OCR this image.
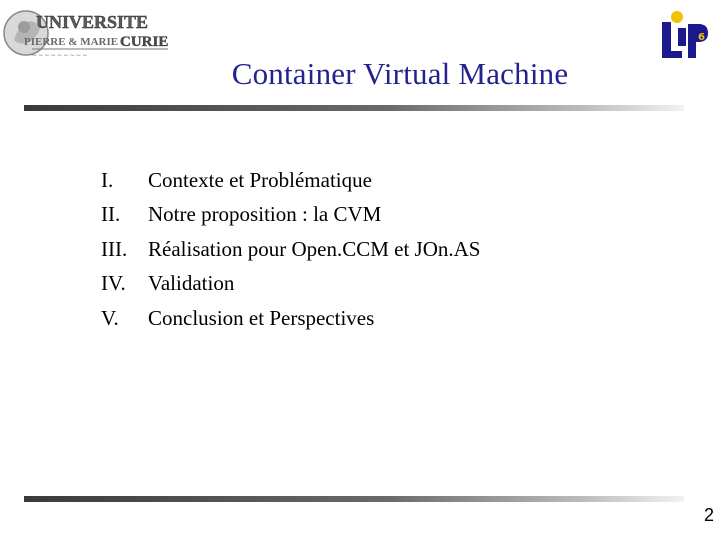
UNIVERSITE
PIERRE & MARIE CURIE
~ ~ ~ ~ ~ ~ ~ ~ ~
6
Container Virtual Machine
I.	Contexte et Problématique
II.	Notre proposition : la CVM
III. Réalisation pour Open.CCM et JOn.AS
IV.	Validation
V.	Conclusion et Perspectives
2
